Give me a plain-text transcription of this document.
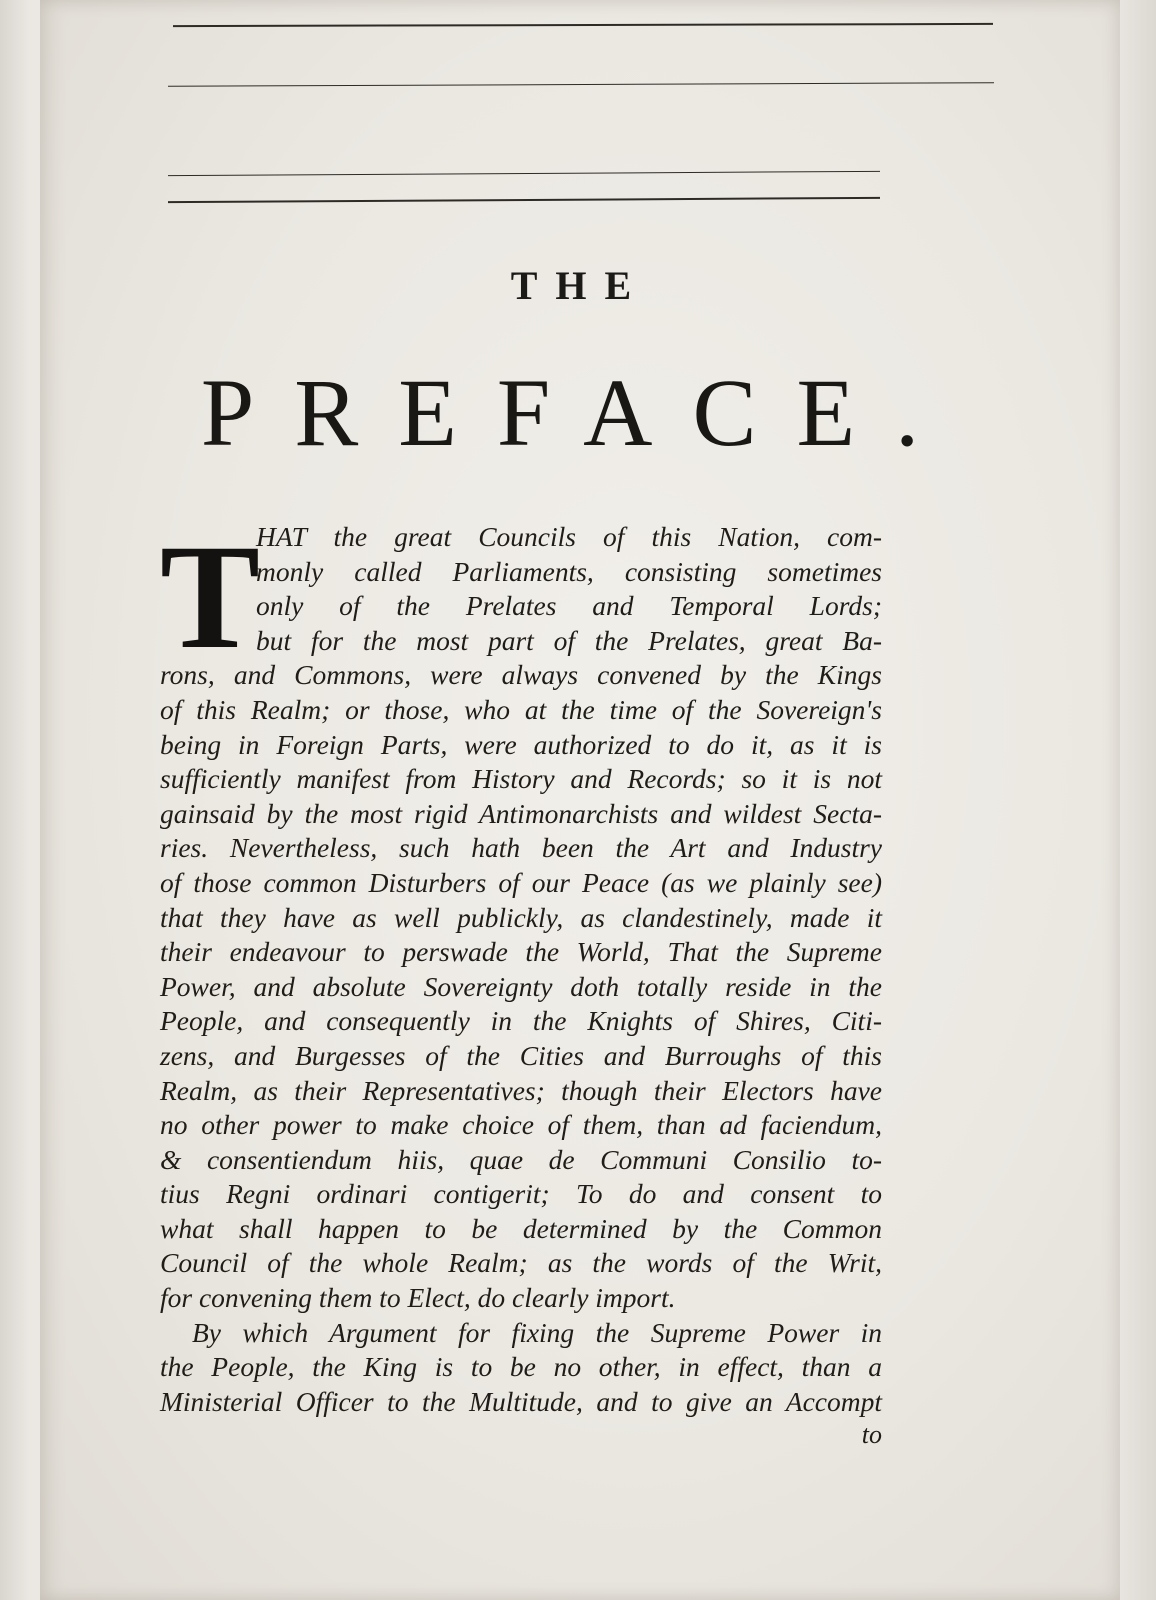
THE
PREFACE.
T
HAT the great Councils of this Nation, com-
monly called Parliaments, consisting sometimes
only of the Prelates and Temporal Lords;
but for the most part of the Prelates, great Ba-
rons, and Commons, were always convened by the Kings
of this Realm; or those, who at the time of the Sovereign's
being in Foreign Parts, were authorized to do it, as it is
sufficiently manifest from History and Records; so it is not
gainsaid by the most rigid Antimonarchists and wildest Secta-
ries. Nevertheless, such hath been the Art and Industry
of those common Disturbers of our Peace (as we plainly see)
that they have as well publickly, as clandestinely, made it
their endeavour to perswade the World, That the Supreme
Power, and absolute Sovereignty doth totally reside in the
People, and consequently in the Knights of Shires, Citi-
zens, and Burgesses of the Cities and Burroughs of this
Realm, as their Representatives; though their Electors have
no other power to make choice of them, than ad faciendum,
& consentiendum hiis, quae de Communi Consilio to-
tius Regni ordinari contigerit; To do and consent to
what shall happen to be determined by the Common
Council of the whole Realm; as the words of the Writ,
for convening them to Elect, do clearly import.
By which Argument for fixing the Supreme Power in
the People, the King is to be no other, in effect, than a
Ministerial Officer to the Multitude, and to give an Accompt
to
